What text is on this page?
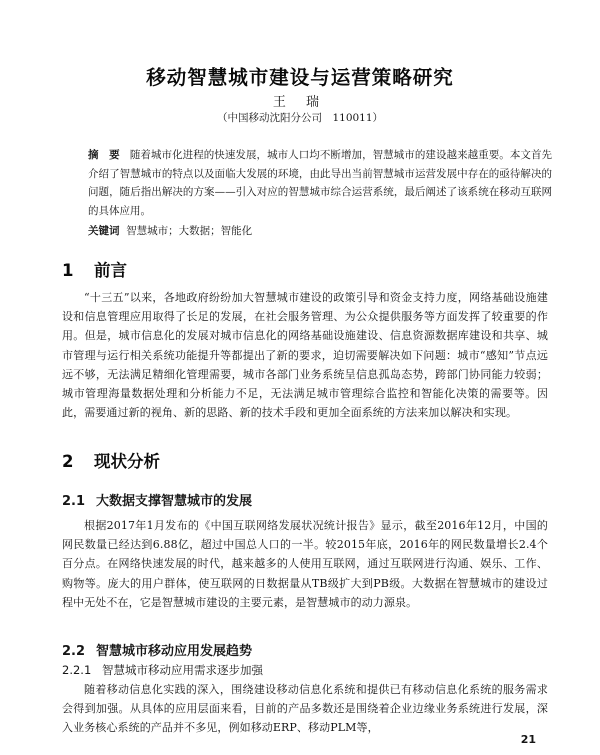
移动智慧城市建设与运营策略研究
王 瑞
（中国移动沈阳分公司　110011）
摘　要 随着城市化进程的快速发展，城市人口均不断增加，智慧城市的建设越来越重要。本文首先介绍了智慧城市的特点以及面临大发展的环境，由此导出当前智慧城市运营发展中存在的亟待解决的问题，随后指出解决的方案——引入对应的智慧城市综合运营系统，最后阐述了该系统在移动互联网的具体应用。
关键词 智慧城市；大数据；智能化
1 前言
“十三五”以来，各地政府纷纷加大智慧城市建设的政策引导和资金支持力度，网络基础设施建设和信息管理应用取得了长足的发展，在社会服务管理、为公众提供服务等方面发挥了较重要的作用。但是，城市信息化的发展对城市信息化的网络基础设施建设、信息资源数据库建设和共享、城市管理与运行相关系统功能提升等都提出了新的要求，迫切需要解决如下问题：城市“感知”节点远远不够，无法满足精细化管理需要，城市各部门业务系统呈信息孤岛态势，跨部门协同能力较弱；城市管理海量数据处理和分析能力不足，无法满足城市管理综合监控和智能化决策的需要等。因此，需要通过新的视角、新的思路、新的技术手段和更加全面系统的方法来加以解决和实现。
2 现状分析
2.1 大数据支撑智慧城市的发展
根据2017年1月发布的《中国互联网络发展状况统计报告》显示，截至2016年12月，中国的网民数量已经达到6.88亿，超过中国总人口的一半。较2015年底，2016年的网民数量增长2.4个百分点。在网络快速发展的时代，越来越多的人使用互联网，通过互联网进行沟通、娱乐、工作、购物等。庞大的用户群体，使互联网的日数据量从TB级扩大到PB级。大数据在智慧城市的建设过程中无处不在，它是智慧城市建设的主要元素，是智慧城市的动力源泉。
2.2 智慧城市移动应用发展趋势
2.2.1 智慧城市移动应用需求逐步加强
随着移动信息化实践的深入，围绕建设移动信息化系统和提供已有移动信息化系统的服务需求会得到加强。从具体的应用层面来看，目前的产品多数还是围绕着企业边缘业务系统进行发展，深入业务核心系统的产品并不多见，例如移动ERP、移动PLM等，
21
